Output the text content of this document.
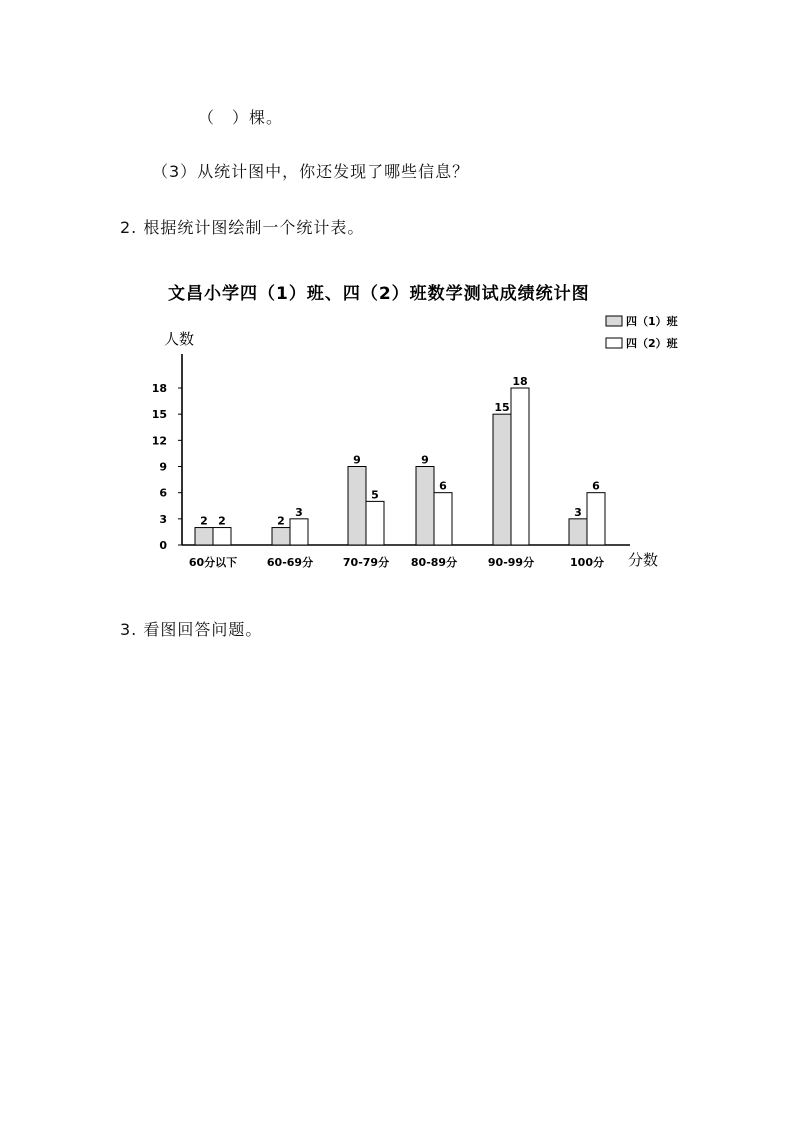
（　）棵。
（3）从统计图中，你还发现了哪些信息？
2. 根据统计图绘制一个统计表。
文昌小学四（1）班、四（2）班数学测试成绩统计图
人数
分数
四（1）班
四（2）班
0
3
6
9
12
15
18
2 2	2
3
9
5
9
6
15
18
3
6
60分以下	60-69分	70-79分 80-89分	90-99分	100分
3. 看图回答问题。
